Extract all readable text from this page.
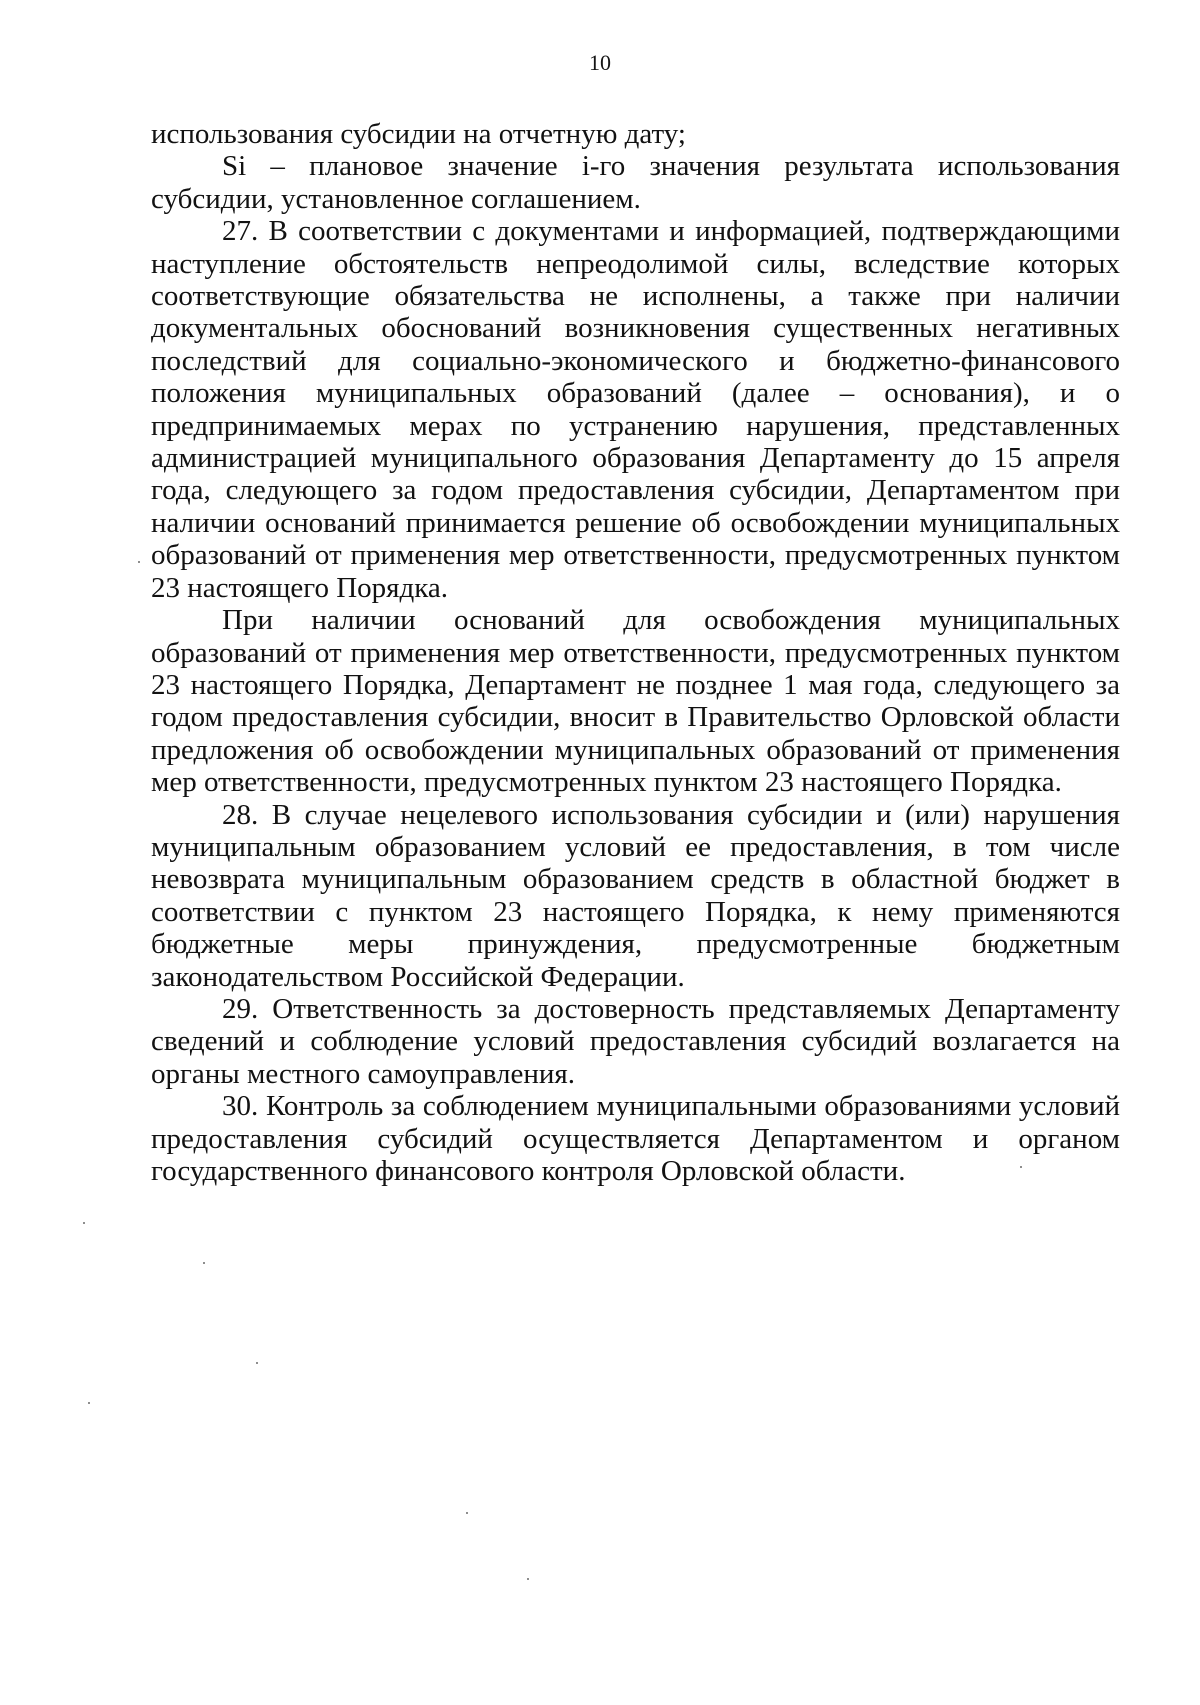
10

использования субсидии на отчетную дату;

Si – плановое значение i-го значения результата использования субсидии, установленное соглашением.

27. В соответствии с документами и информацией, подтверждающими наступление обстоятельств непреодолимой силы, вследствие которых соответствующие обязательства не исполнены, а также при наличии документальных обоснований возникновения существенных негативных последствий для социально-экономического и бюджетно-финансового положения муниципальных образований (далее – основания), и о предпринимаемых мерах по устранению нарушения, представленных администрацией муниципального образования Департаменту до 15 апреля года, следующего за годом предоставления субсидии, Департаментом при наличии оснований принимается решение об освобождении муниципальных образований от применения мер ответственности, предусмотренных пунктом 23 настоящего Порядка.

При наличии оснований для освобождения муниципальных образований от применения мер ответственности, предусмотренных пунктом 23 настоящего Порядка, Департамент не позднее 1 мая года, следующего за годом предоставления субсидии, вносит в Правительство Орловской области предложения об освобождении муниципальных образований от применения мер ответственности, предусмотренных пунктом 23 настоящего Порядка.

28. В случае нецелевого использования субсидии и (или) нарушения муниципальным образованием условий ее предоставления, в том числе невозврата муниципальным образованием средств в областной бюджет в соответствии с пунктом 23 настоящего Порядка, к нему применяются бюджетные меры принуждения, предусмотренные бюджетным законодательством Российской Федерации.

29. Ответственность за достоверность представляемых Департаменту сведений и соблюдение условий предоставления субсидий возлагается на органы местного самоуправления.

30. Контроль за соблюдением муниципальными образованиями условий предоставления субсидий осуществляется Департаментом и органом государственного финансового контроля Орловской области.
